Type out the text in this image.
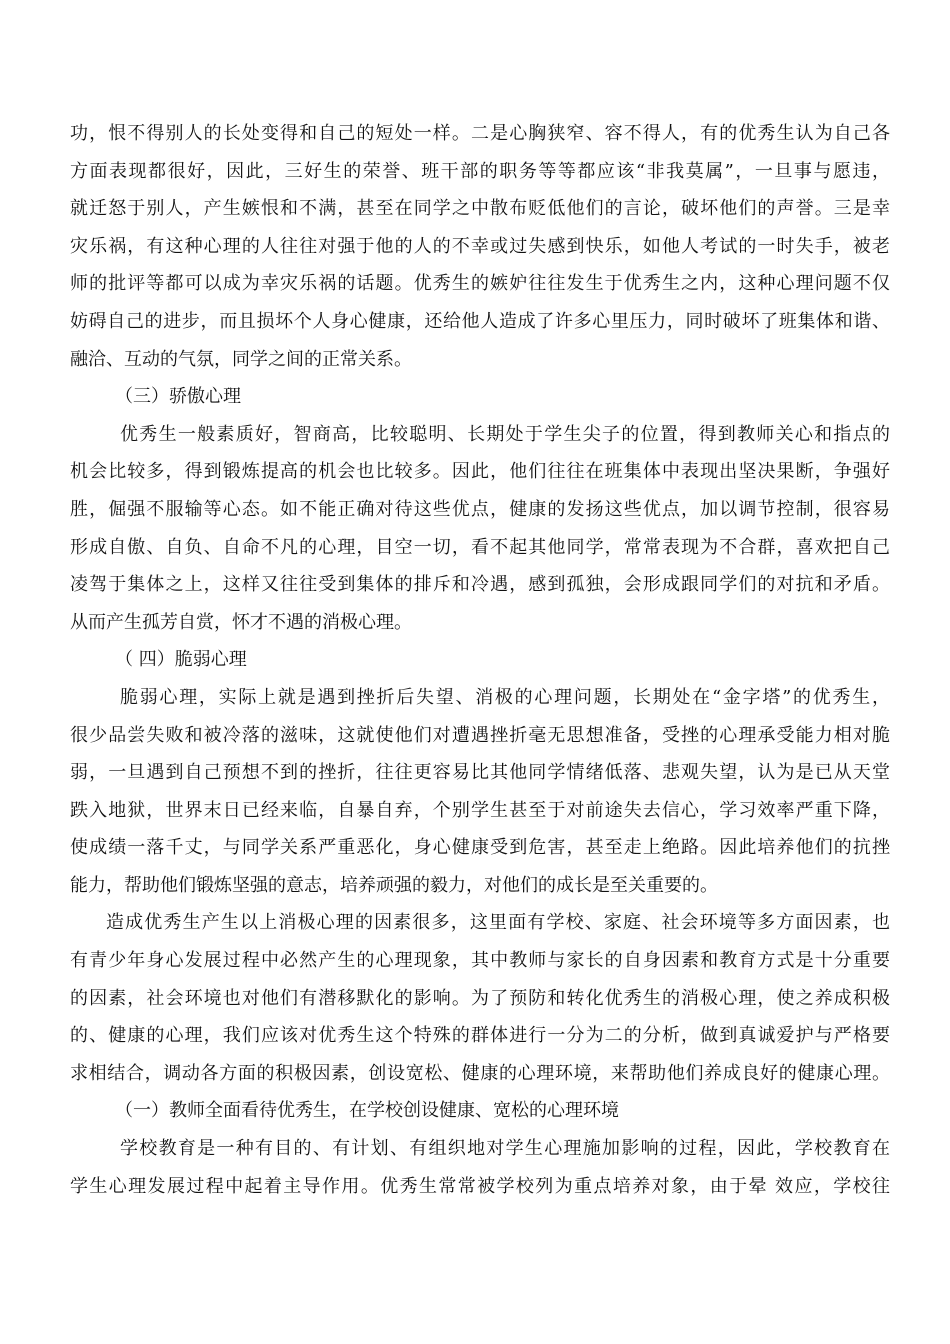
功，恨不得别人的长处变得和自己的短处一样。二是心胸狭窄、容不得人，有的优秀生认为自己各
方面表现都很好，因此，三好生的荣誉、班干部的职务等等都应该“非我莫属”，一旦事与愿违，
就迁怒于别人，产生嫉恨和不满，甚至在同学之中散布贬低他们的言论，破坏他们的声誉。三是幸
灾乐祸，有这种心理的人往往对强于他的人的不幸或过失感到快乐，如他人考试的一时失手，被老
师的批评等都可以成为幸灾乐祸的话题。优秀生的嫉妒往往发生于优秀生之内，这种心理问题不仅
妨碍自己的进步，而且损坏个人身心健康，还给他人造成了许多心里压力，同时破坏了班集体和谐、
融洽、互动的气氛，同学之间的正常关系。
（三）骄傲心理
优秀生一般素质好，智商高，比较聪明、长期处于学生尖子的位置，得到教师关心和指点的
机会比较多，得到锻炼提高的机会也比较多。因此，他们往往在班集体中表现出坚决果断，争强好
胜，倔强不服输等心态。如不能正确对待这些优点，健康的发扬这些优点，加以调节控制，很容易
形成自傲、自负、自命不凡的心理，目空一切，看不起其他同学，常常表现为不合群，喜欢把自己
凌驾于集体之上，这样又往往受到集体的排斥和冷遇，感到孤独，会形成跟同学们的对抗和矛盾。
从而产生孤芳自赏，怀才不遇的消极心理。
（ 四）脆弱心理
脆弱心理，实际上就是遇到挫折后失望、消极的心理问题，长期处在“金字塔”的优秀生，
很少品尝失败和被冷落的滋味，这就使他们对遭遇挫折毫无思想准备，受挫的心理承受能力相对脆
弱，一旦遇到自己预想不到的挫折，往往更容易比其他同学情绪低落、悲观失望，认为是已从天堂
跌入地狱，世界末日已经来临，自暴自弃，个别学生甚至于对前途失去信心，学习效率严重下降，
使成绩一落千丈，与同学关系严重恶化，身心健康受到危害，甚至走上绝路。因此培养他们的抗挫
能力，帮助他们锻炼坚强的意志，培养顽强的毅力，对他们的成长是至关重要的。
造成优秀生产生以上消极心理的因素很多，这里面有学校、家庭、社会环境等多方面因素，也
有青少年身心发展过程中必然产生的心理现象，其中教师与家长的自身因素和教育方式是十分重要
的因素，社会环境也对他们有潜移默化的影响。为了预防和转化优秀生的消极心理，使之养成积极
的、健康的心理，我们应该对优秀生这个特殊的群体进行一分为二的分析，做到真诚爱护与严格要
求相结合，调动各方面的积极因素，创设宽松、健康的心理环境，来帮助他们养成良好的健康心理。
（一）教师全面看待优秀生，在学校创设健康、宽松的心理环境
学校教育是一种有目的、有计划、有组织地对学生心理施加影响的过程，因此，学校教育在
学生心理发展过程中起着主导作用。优秀生常常被学校列为重点培养对象，由于晕 效应，学校往
